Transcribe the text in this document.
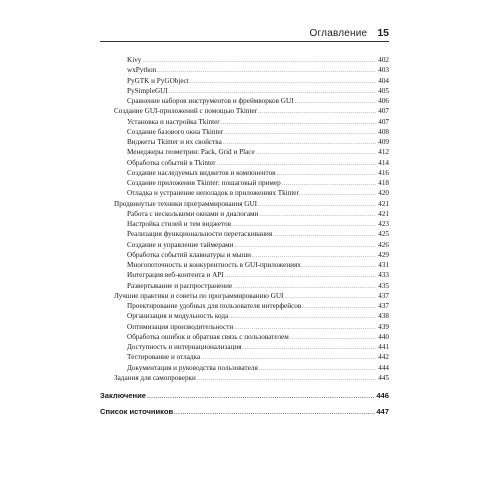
Оглавление 15
Kivy .....	402
wxPython .....	403
PyGTK и PyGObject .....	404
PySimpleGUI .....	405
Сравнение наборов инструментов и фреймворков GUI .....	406
Создание GUI-приложений с помощью Tkinter .....	407
Установка и настройка Tkinter .....	407
Создание базового окна Tkinter .....	408
Виджеты Tkinter и их свойства .....	409
Менеджеры геометрии: Pack, Grid и Place .....	412
Обработка событий в Tkinter .....	414
Создание наследуемых виджетов и компонентов .....	416
Создание приложения Tkinter: пошаговый пример .....	418
Отладка и устранение неполадок в приложениях Tkinter .....	420
Продвинутые техники программирования GUI .....	421
Работа с несколькими окнами и диалогами .....	421
Настройка стилей и тем виджетов .....	423
Реализация функциональности перетаскивания .....	425
Создание и управление таймерами .....	426
Обработка событий клавиатуры и мыши .....	429
Многопоточность и конкурентность в GUI-приложениях .....	431
Интеграция веб-контента и API .....	433
Развертывание и распространение .....	435
Лучшие практики и советы по программированию GUI .....	437
Проектирование удобных для пользователя интерфейсов .....	437
Организация и модульность кода .....	438
Оптимизация производительности .....	439
Обработка ошибок и обратная связь с пользователем .....	440
Доступность и интернационализация .....	441
Тестирование и отладка .....	442
Документация и руководства пользователя .....	444
Задания для самопроверки .....	445
Заключение .....	446
Список источников .....	447
